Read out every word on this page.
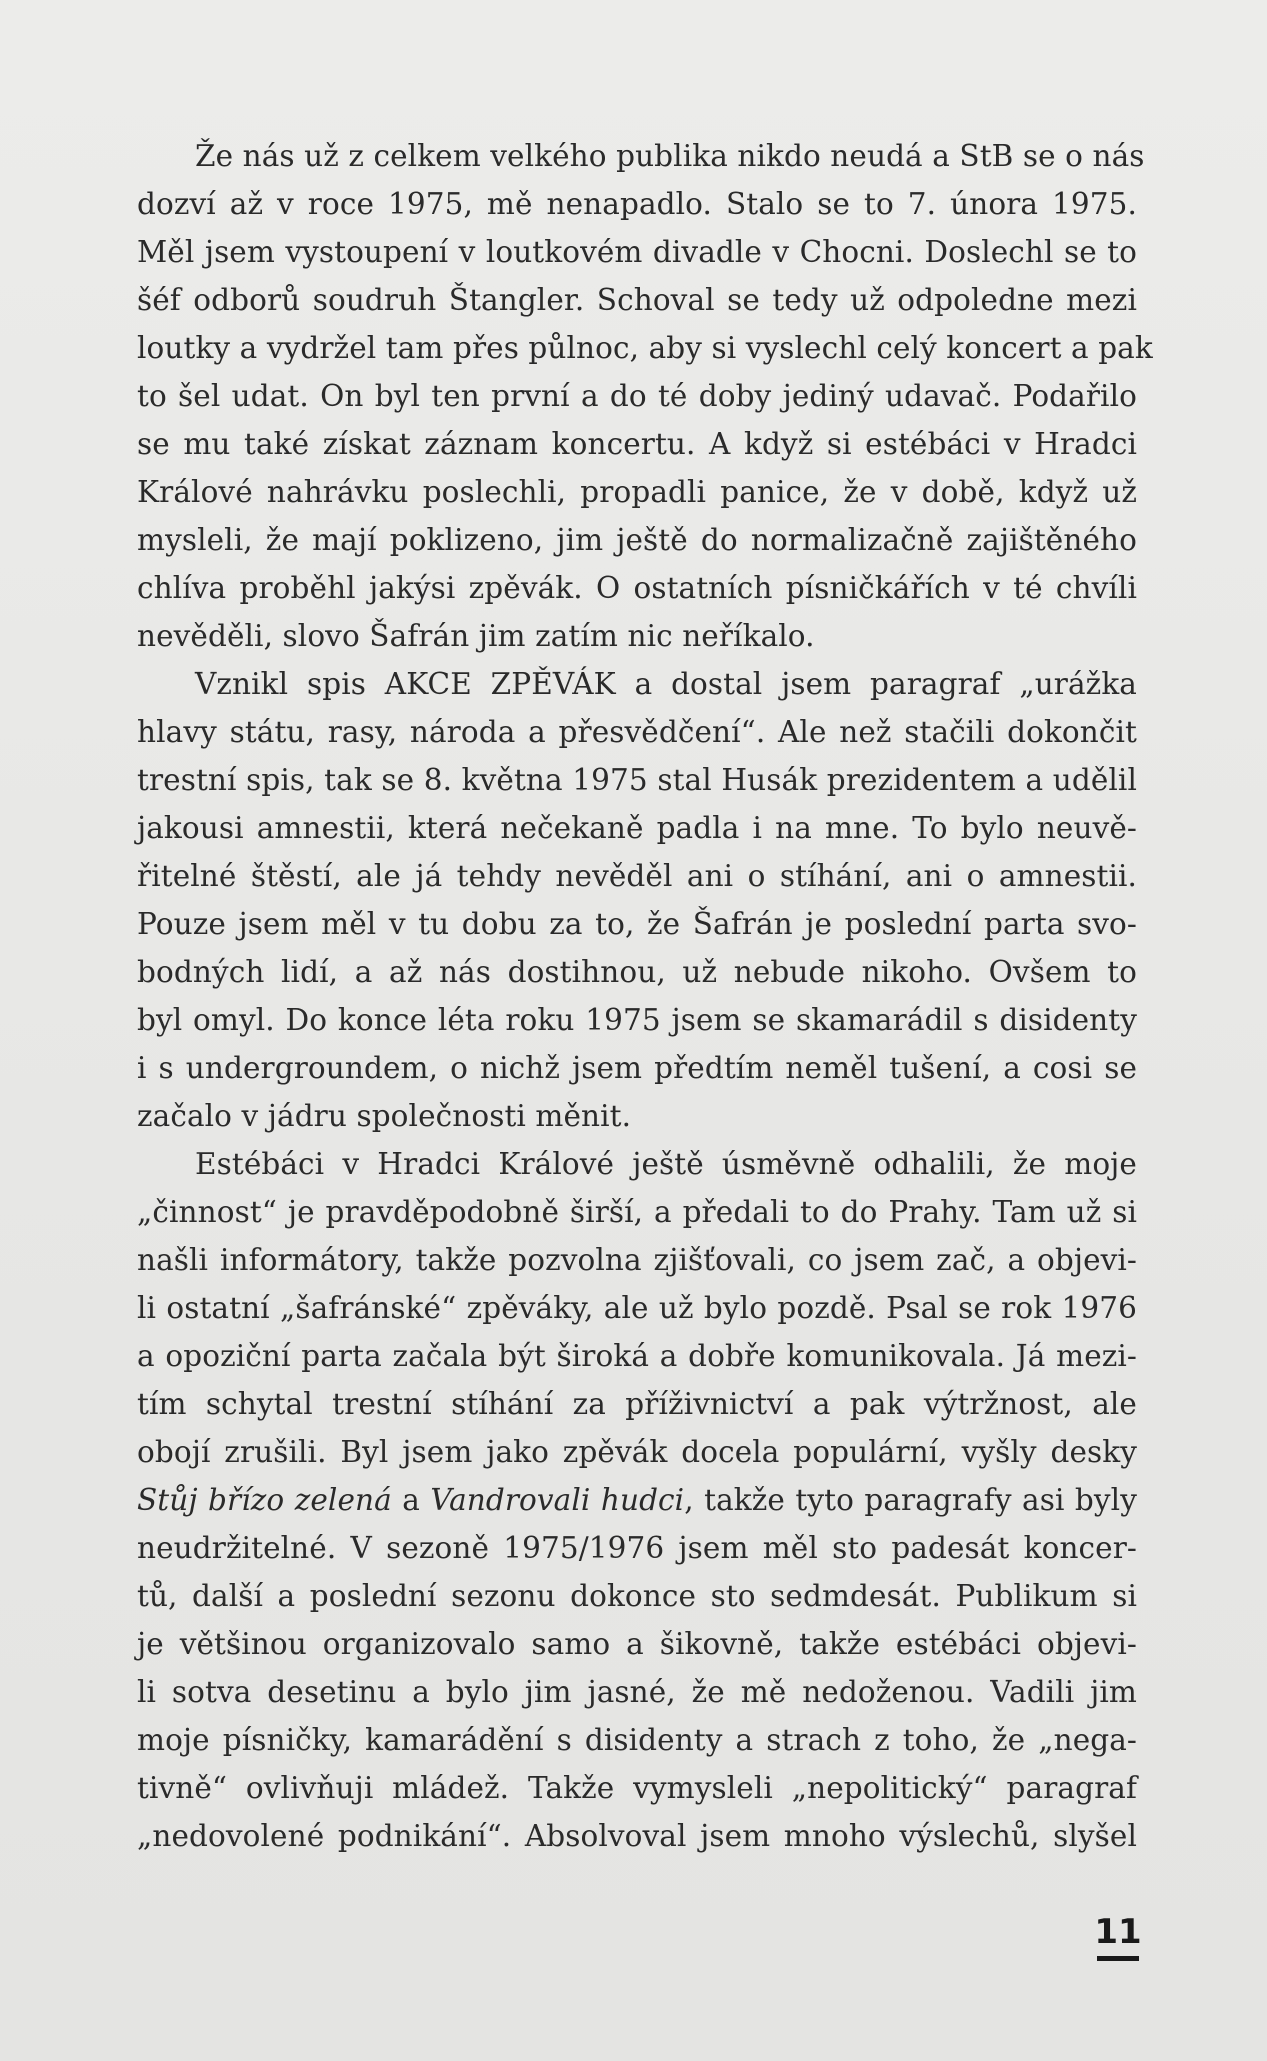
Že nás už z celkem velkého publika nikdo neudá a StB se o nás
dozví až v roce 1975, mě nenapadlo. Stalo se to 7. února 1975.
Měl jsem vystoupení v loutkovém divadle v Chocni. Doslechl se to
šéf odborů soudruh Štangler. Schoval se tedy už odpoledne mezi
loutky a vydržel tam přes půlnoc, aby si vyslechl celý koncert a pak
to šel udat. On byl ten první a do té doby jediný udavač. Podařilo
se mu také získat záznam koncertu. A když si estébáci v Hradci
Králové nahrávku poslechli, propadli panice, že v době, když už
mysleli, že mají poklizeno, jim ještě do normalizačně zajištěného
chlíva proběhl jakýsi zpěvák. O ostatních písničkářích v té chvíli
nevěděli, slovo Šafrán jim zatím nic neříkalo.

Vznikl spis AKCE ZPĚVÁK a dostal jsem paragraf „urážka
hlavy státu, rasy, národa a přesvědčení“. Ale než stačili dokončit
trestní spis, tak se 8. května 1975 stal Husák prezidentem a udělil
jakousi amnestii, která nečekaně padla i na mne. To bylo neuvě-
řitelné štěstí, ale já tehdy nevěděl ani o stíhání, ani o amnestii.
Pouze jsem měl v tu dobu za to, že Šafrán je poslední parta svo-
bodných lidí, a až nás dostihnou, už nebude nikoho. Ovšem to
byl omyl. Do konce léta roku 1975 jsem se skamarádil s disidenty
i s undergroundem, o nichž jsem předtím neměl tušení, a cosi se
začalo v jádru společnosti měnit.

Estébáci v Hradci Králové ještě úsměvně odhalili, že moje
„činnost“ je pravděpodobně širší, a předali to do Prahy. Tam už si
našli informátory, takže pozvolna zjišťovali, co jsem zač, a objevi-
li ostatní „šafránské“ zpěváky, ale už bylo pozdě. Psal se rok 1976
a opoziční parta začala být široká a dobře komunikovala. Já mezi-
tím schytal trestní stíhání za příživnictví a pak výtržnost, ale
obojí zrušili. Byl jsem jako zpěvák docela populární, vyšly desky
Stůj břízo zelená a Vandrovali hudci, takže tyto paragrafy asi byly
neudržitelné. V sezoně 1975/1976 jsem měl sto padesát koncer-
tů, další a poslední sezonu dokonce sto sedmdesát. Publikum si
je většinou organizovalo samo a šikovně, takže estébáci objevi-
li sotva desetinu a bylo jim jasné, že mě nedoženou. Vadili jim
moje písničky, kamarádění s disidenty a strach z toho, že „nega-
tivně“ ovlivňuji mládež. Takže vymysleli „nepolitický“ paragraf
„nedovolené podnikání“. Absolvoval jsem mnoho výslechů, slyšel

11
